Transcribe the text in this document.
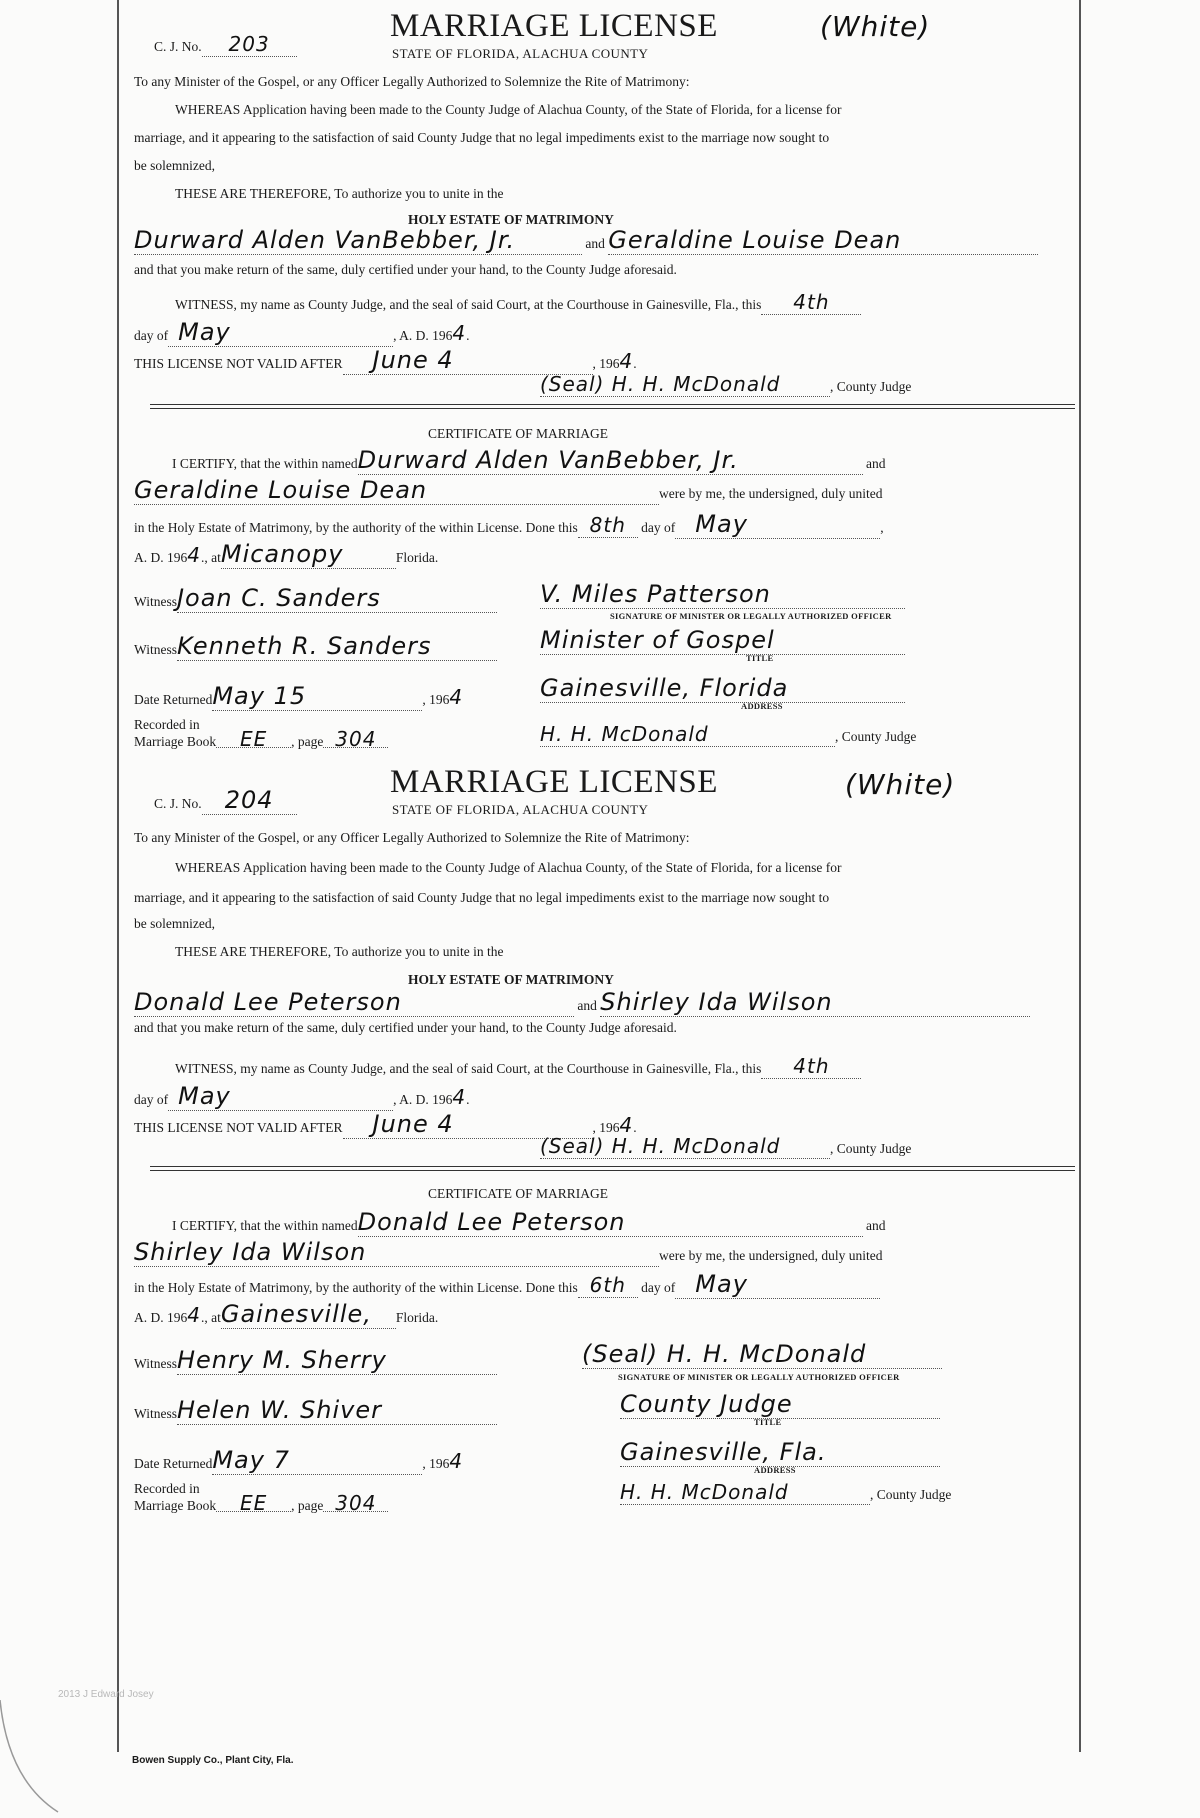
C. J. No. 203	MARRIAGE LICENSE	(White)
STATE OF FLORIDA, ALACHUA COUNTY
To any Minister of the Gospel, or any Officer Legally Authorized to Solemnize the Rite of Matrimony:
WHEREAS Application having been made to the County Judge of Alachua County, of the State of Florida, for a license for
marriage, and it appearing to the satisfaction of said County Judge that no legal impediments exist to the marriage now sought to
be solemnized,
THESE ARE THEREFORE, To authorize you to unite in the
HOLY ESTATE OF MATRIMONY
Durward Alden VanBebber, Jr.	and Geraldine Louise Dean
and that you make return of the same, duly certified under your hand, to the County Judge aforesaid.
WITNESS, my name as County Judge, and the seal of said Court, at the Courthouse in Gainesville, Fla., this 4th
day of May	, A. D. 1964.
THIS LICENSE NOT VALID AFTER June 4	, 1964.
(Seal) H. H. McDonald	, County Judge
CERTIFICATE OF MARRIAGE
I CERTIFY, that the within namedDurward Alden VanBebber, Jr.	and
Geraldine Louise Dean	were by me, the undersigned, duly united
in the Holy Estate of Matrimony, by the authority of the within License. Done this 8th day of May	,
A. D. 1964., atMicanopy	Florida.
WitnessJoan C. Sanders	V. Miles Patterson
SIGNATURE OF MINISTER OR LEGALLY AUTHORIZED OFFICER
WitnessKenneth R. Sanders	Minister of Gospel
TITLE
Date ReturnedMay 15	, 1964	Gainesville, Florida
ADDRESS
Recorded in
Marriage Book EE , page 304	H. H. McDonald	, County Judge
C. J. No. 204	MARRIAGE LICENSE	(White)
STATE OF FLORIDA, ALACHUA COUNTY
To any Minister of the Gospel, or any Officer Legally Authorized to Solemnize the Rite of Matrimony:
WHEREAS Application having been made to the County Judge of Alachua County, of the State of Florida, for a license for
marriage, and it appearing to the satisfaction of said County Judge that no legal impediments exist to the marriage now sought to
be solemnized,
THESE ARE THEREFORE, To authorize you to unite in the
HOLY ESTATE OF MATRIMONY
Donald Lee Peterson	and Shirley Ida Wilson
and that you make return of the same, duly certified under your hand, to the County Judge aforesaid.
WITNESS, my name as County Judge, and the seal of said Court, at the Courthouse in Gainesville, Fla., this 4th
day of May	, A. D. 1964.
THIS LICENSE NOT VALID AFTER June 4	, 1964.
(Seal) H. H. McDonald	, County Judge
CERTIFICATE OF MARRIAGE
I CERTIFY, that the within namedDonald Lee Peterson	and
Shirley Ida Wilson	were by me, the undersigned, duly united
in the Holy Estate of Matrimony, by the authority of the within License. Done this 6th day of May
A. D. 1964., atGainesville, Florida.
WitnessHenry M. Sherry	(Seal) H. H. McDonald
SIGNATURE OF MINISTER OR LEGALLY AUTHORIZED OFFICER
WitnessHelen W. Shiver	County Judge
TITLE
Date ReturnedMay 7	, 1964	Gainesville, Fla.
ADDRESS
Recorded in
Marriage Book EE , page 304	H. H. McDonald	, County Judge
2013 J Edward Josey
Bowen Supply Co., Plant City, Fla.
